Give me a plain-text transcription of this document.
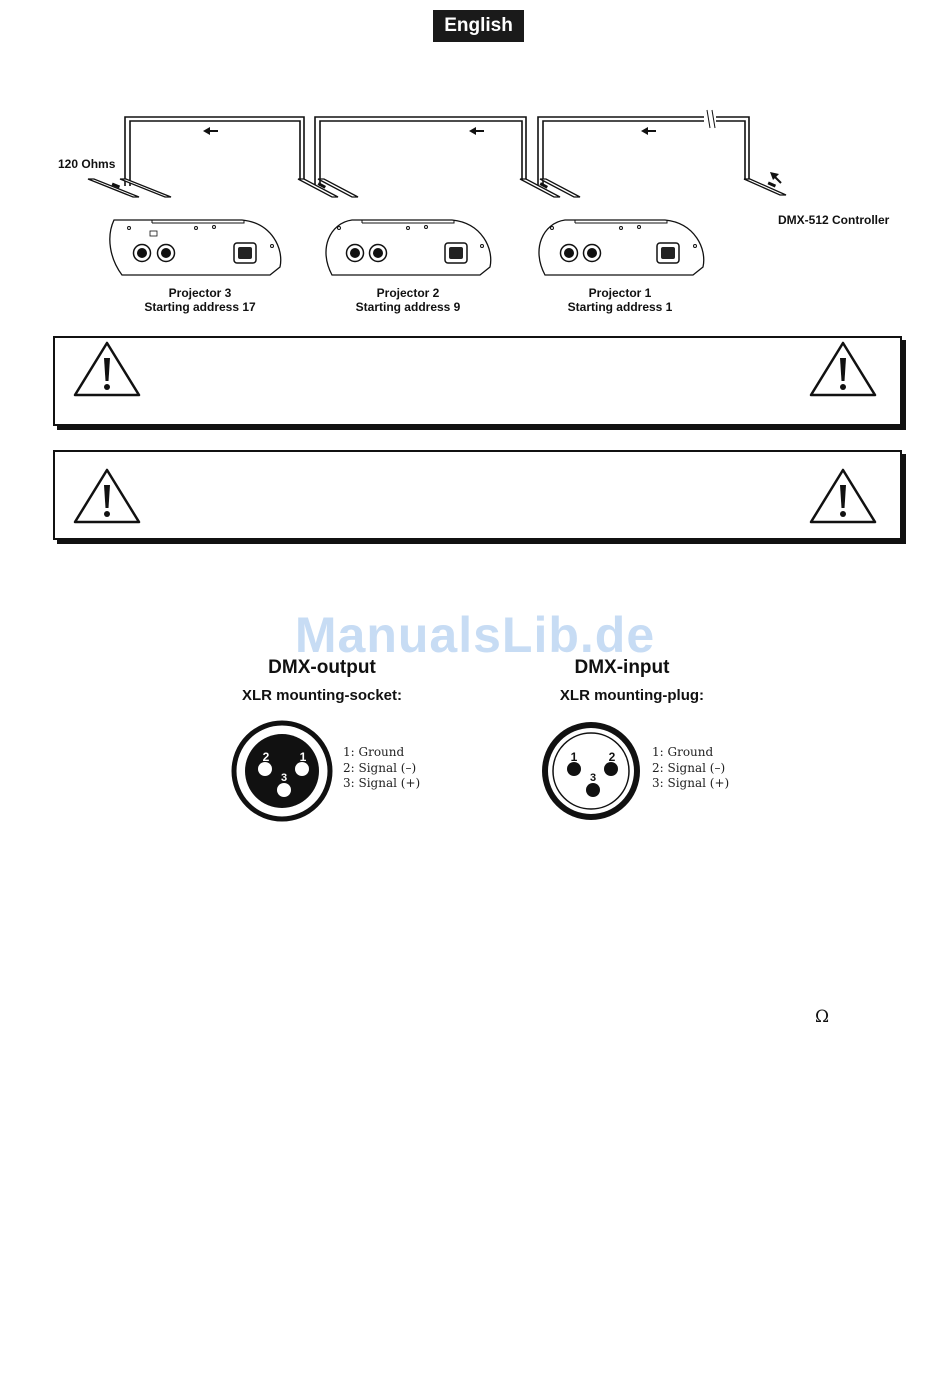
English
120 Ohms
DMX-512 Controller
Projector 3
Starting address 17
Projector 2
Starting address 9
Projector 1
Starting address 1
ManualsLib.de
DMX-output
XLR mounting-socket:
2	1
3
1: Ground
2: Signal (–)
3: Signal (+)
DMX-input
XLR mounting-plug:
1	2
3
1: Ground
2: Signal (–)
3: Signal (+)
Ω
